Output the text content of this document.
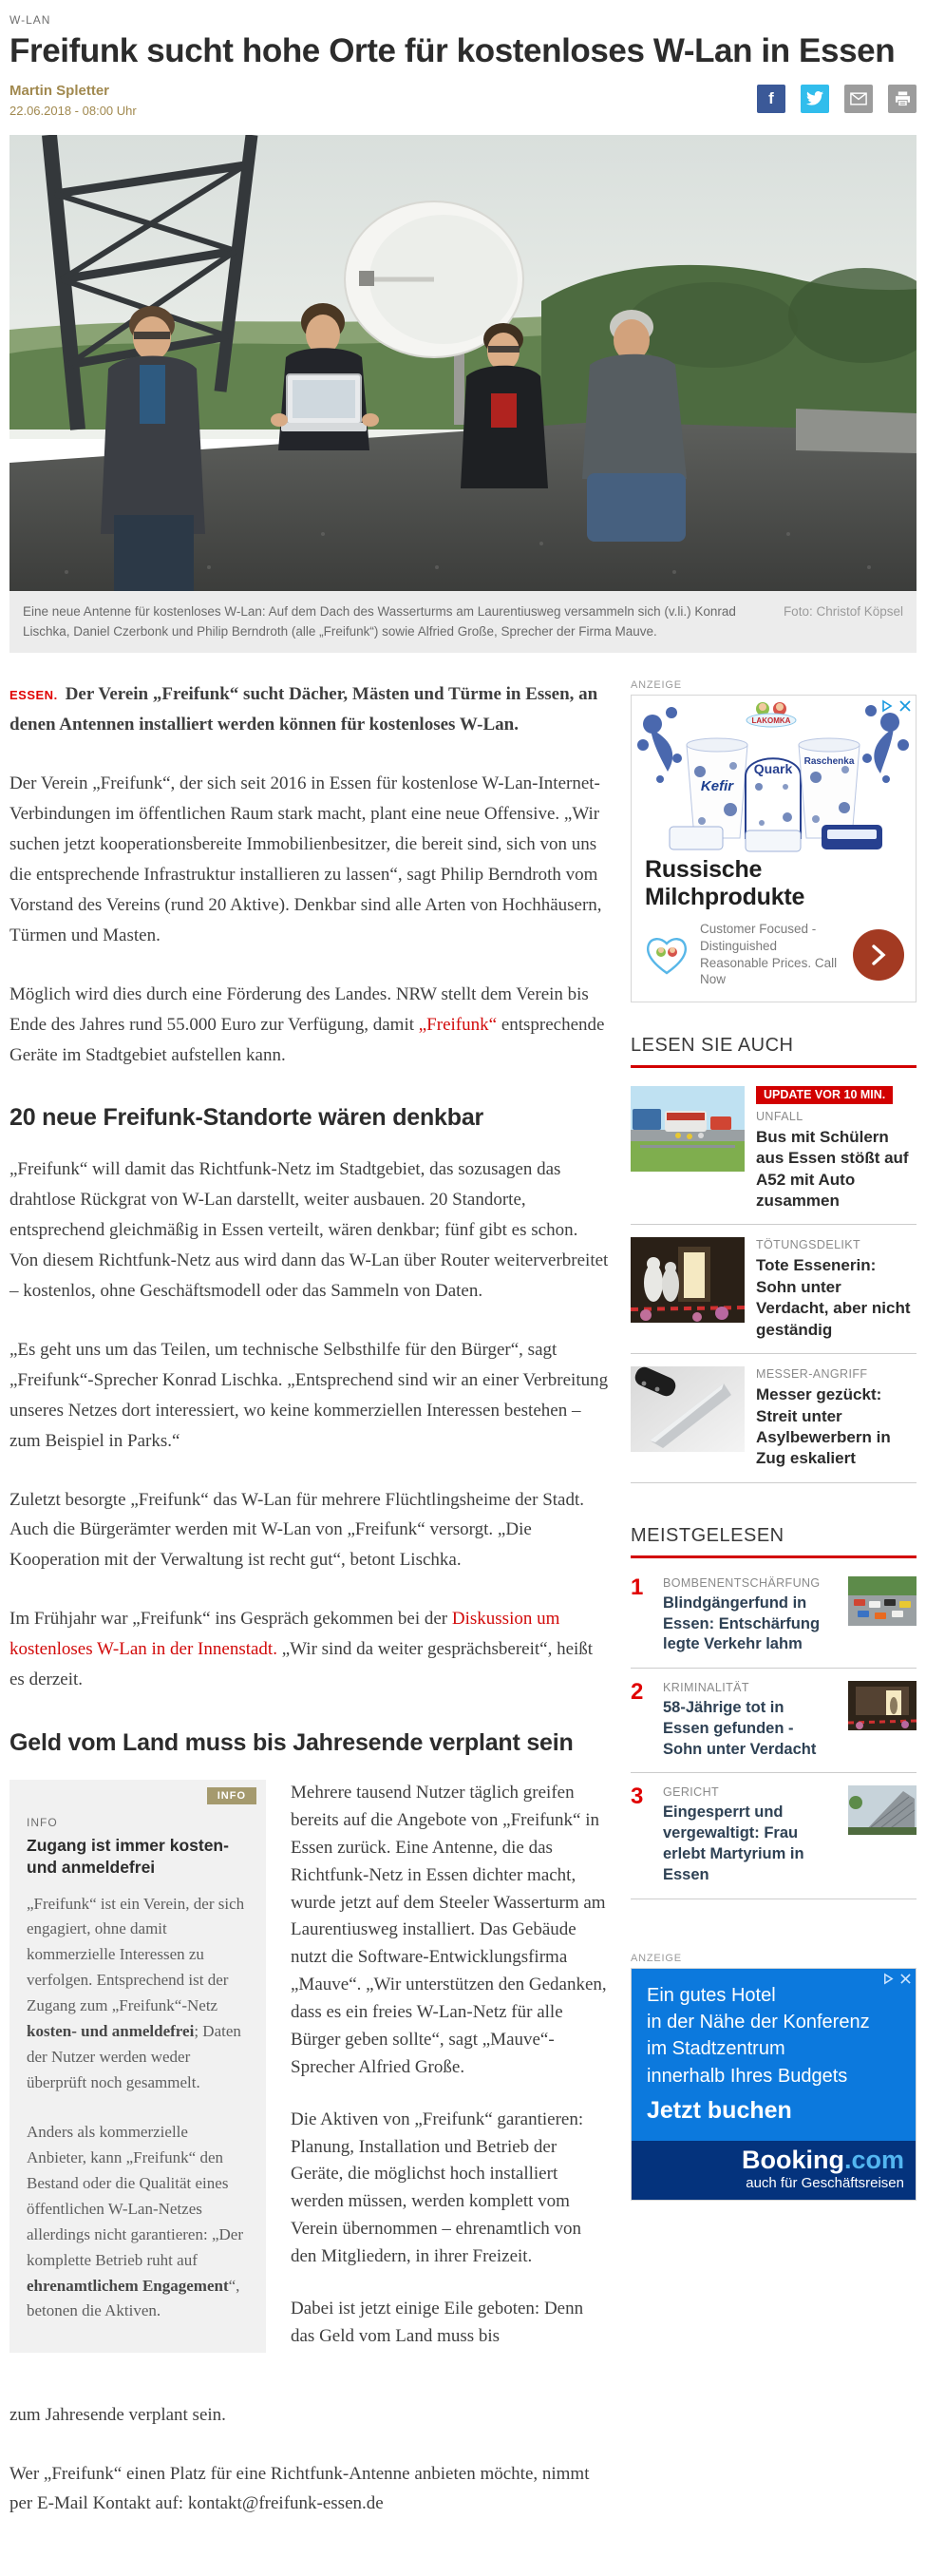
W-LAN
Freifunk sucht hohe Orte für kostenloses W-Lan in Essen
Martin Spletter
22.06.2018 - 08:00 Uhr
f
Foto: Christof Köpsel
Eine neue Antenne für kostenloses W-Lan: Auf dem Dach des Wasserturms am Laurentiusweg versammeln sich (v.li.) Konrad Lischka, Daniel Czerbonk und Philip Berndroth (alle „Freifunk“) sowie Alfried Große, Sprecher der Firma Mauve.

ESSEN. Der Verein „Freifunk“ sucht Dächer, Mästen und Türme in Essen, an denen Antennen installiert werden können für kostenloses W-Lan.

Der Verein „Freifunk“, der sich seit 2016 in Essen für kostenlose W-Lan-Internet-Verbindungen im öffentlichen Raum stark macht, plant eine neue Offensive. „Wir suchen jetzt kooperationsbereite Immobilienbesitzer, die bereit sind, sich von uns die entsprechende Infrastruktur installieren zu lassen“, sagt Philip Berndroth vom Vorstand des Vereins (rund 20 Aktive). Denkbar sind alle Arten von Hochhäusern, Türmen und Masten.

Möglich wird dies durch eine Förderung des Landes. NRW stellt dem Verein bis Ende des Jahres rund 55.000 Euro zur Verfügung, damit „Freifunk“ entsprechende Geräte im Stadtgebiet aufstellen kann.

20 neue Freifunk-Standorte wären denkbar

„Freifunk“ will damit das Richtfunk-Netz im Stadtgebiet, das sozusagen das drahtlose Rückgrat von W-Lan darstellt, weiter ausbauen. 20 Standorte, entsprechend gleichmäßig in Essen verteilt, wären denkbar; fünf gibt es schon. Von diesem Richtfunk-Netz aus wird dann das W-Lan über Router weiterverbreitet – kostenlos, ohne Geschäftsmodell oder das Sammeln von Daten.

„Es geht uns um das Teilen, um technische Selbsthilfe für den Bürger“, sagt „Freifunk“-Sprecher Konrad Lischka. „Entsprechend sind wir an einer Verbreitung unseres Netzes dort interessiert, wo keine kommerziellen Interessen bestehen – zum Beispiel in Parks.“

Zuletzt besorgte „Freifunk“ das W-Lan für mehrere Flüchtlingsheime der Stadt. Auch die Bürgerämter werden mit W-Lan von „Freifunk“ versorgt. „Die Kooperation mit der Verwaltung ist recht gut“, betont Lischka.

Im Frühjahr war „Freifunk“ ins Gespräch gekommen bei der Diskussion um kostenloses W-Lan in der Innenstadt. „Wir sind da weiter gesprächsbereit“, heißt es derzeit.

Geld vom Land muss bis Jahresende verplant sein
INFO
INFO
Zugang ist immer kosten- und anmeldefrei

„Freifunk“ ist ein Verein, der sich engagiert, ohne damit kommerzielle Interessen zu verfolgen. Entsprechend ist der Zugang zum „Freifunk“-Netz kosten- und anmeldefrei; Daten der Nutzer werden weder überprüft noch gesammelt.

Anders als kommerzielle Anbieter, kann „Freifunk“ den Bestand oder die Qualität eines öffentlichen W-Lan-Netzes allerdings nicht garantieren: „Der komplette Betrieb ruht auf ehrenamtlichem Engagement“, betonen die Aktiven.

Mehrere tausend Nutzer täglich greifen bereits auf die Angebote von „Freifunk“ in Essen zurück. Eine Antenne, die das Richtfunk-Netz in Essen dichter macht, wurde jetzt auf dem Steeler Wasserturm am Laurentiusweg installiert. Das Gebäude nutzt die Software-Entwicklungsfirma „Mauve“. „Wir unterstützen den Gedanken, dass es ein freies W-Lan-Netz für alle Bürger geben sollte“, sagt „Mauve“-Sprecher Alfried Große.

Die Aktiven von „Freifunk“ garantieren: Planung, Installation und Betrieb der Geräte, die möglichst hoch installiert werden müssen, werden komplett vom Verein übernommen – ehrenamtlich von den Mitgliedern, in ihrer Freizeit.

Dabei ist jetzt einige Eile geboten: Denn das Geld vom Land muss bis

zum Jahresende verplant sein.

Wer „Freifunk“ einen Platz für eine Richtfunk-Antenne anbieten möchte, nimmt per E-Mail Kontakt auf: kontakt@freifunk-essen.de

ANZEIGE
LAKOMKA
Kefir
Quark Raschenka
Russische Milchprodukte
Customer Focused - Distinguished Reasonable Prices. Call Now
LESEN SIE AUCH
UPDATE VOR 10 MIN.
UNFALL
Bus mit Schülern aus Essen stößt auf A52 mit Auto zusammen
TÖTUNGSDELIKT
Tote Essenerin: Sohn unter Verdacht, aber nicht geständig
MESSER-ANGRIFF
Messer gezückt: Streit unter Asylbewerbern in Zug eskaliert
MEISTGELESEN
1	BOMBENENTSCHÄRFUNG
Blindgängerfund in Essen: Entschärfung legte Verkehr lahm
2	KRIMINALITÄT
58-Jährige tot in Essen gefunden - Sohn unter Verdacht
3	GERICHT
Eingesperrt und vergewaltigt: Frau erlebt Martyrium in Essen
ANZEIGE
Ein gutes Hotel
in der Nähe der Konferenz
im Stadtzentrum
innerhalb Ihres Budgets
Jetzt buchen
Booking.com
auch für Geschäftsreisen
